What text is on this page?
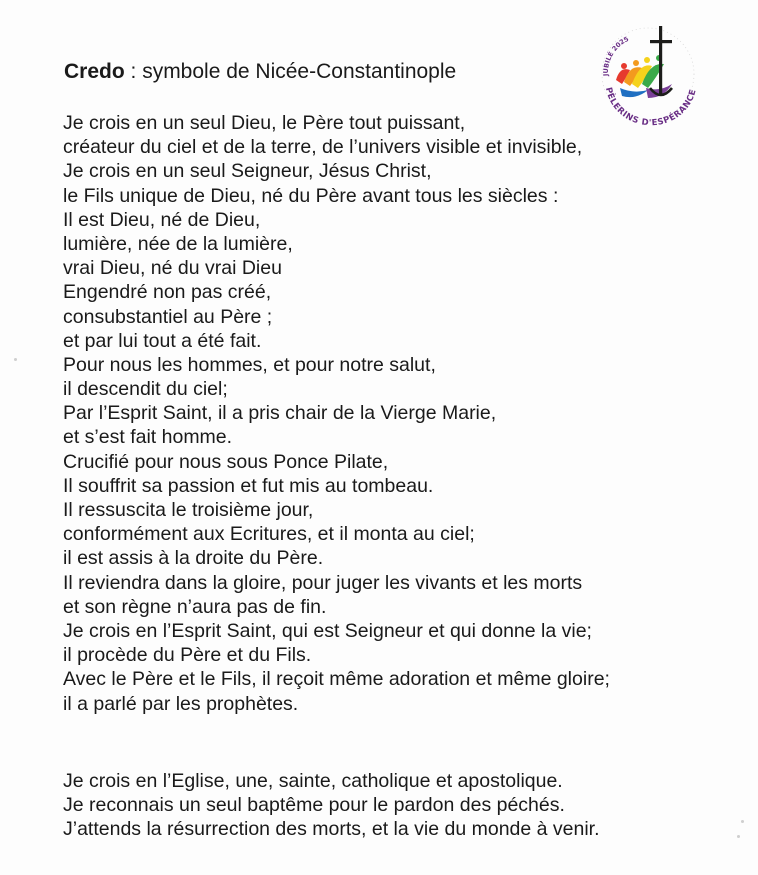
Credo : symbole de Nicée-Constantinople	JUBILÉ 2025
PÈLERINS D'ESPÉRANCE
Je crois en un seul Dieu, le Père tout puissant,
créateur du ciel et de la terre, de l’univers visible et invisible,
Je crois en un seul Seigneur, Jésus Christ,
le Fils unique de Dieu, né du Père avant tous les siècles :
Il est Dieu, né de Dieu,
lumière, née de la lumière,
vrai Dieu, né du vrai Dieu
Engendré non pas créé,
consubstantiel au Père ;
et par lui tout a été fait.
Pour nous les hommes, et pour notre salut,
il descendit du ciel;
Par l’Esprit Saint, il a pris chair de la Vierge Marie,
et s’est fait homme.
Crucifié pour nous sous Ponce Pilate,
Il souffrit sa passion et fut mis au tombeau.
Il ressuscita le troisième jour,
conformément aux Ecritures, et il monta au ciel;
il est assis à la droite du Père.
Il reviendra dans la gloire, pour juger les vivants et les morts
et son règne n’aura pas de fin.
Je crois en l’Esprit Saint, qui est Seigneur et qui donne la vie;
il procède du Père et du Fils.
Avec le Père et le Fils, il reçoit même adoration et même gloire;
il a parlé par les prophètes.
Je crois en l’Eglise, une, sainte, catholique et apostolique.
Je reconnais un seul baptême pour le pardon des péchés.
J’attends la résurrection des morts, et la vie du monde à venir.
